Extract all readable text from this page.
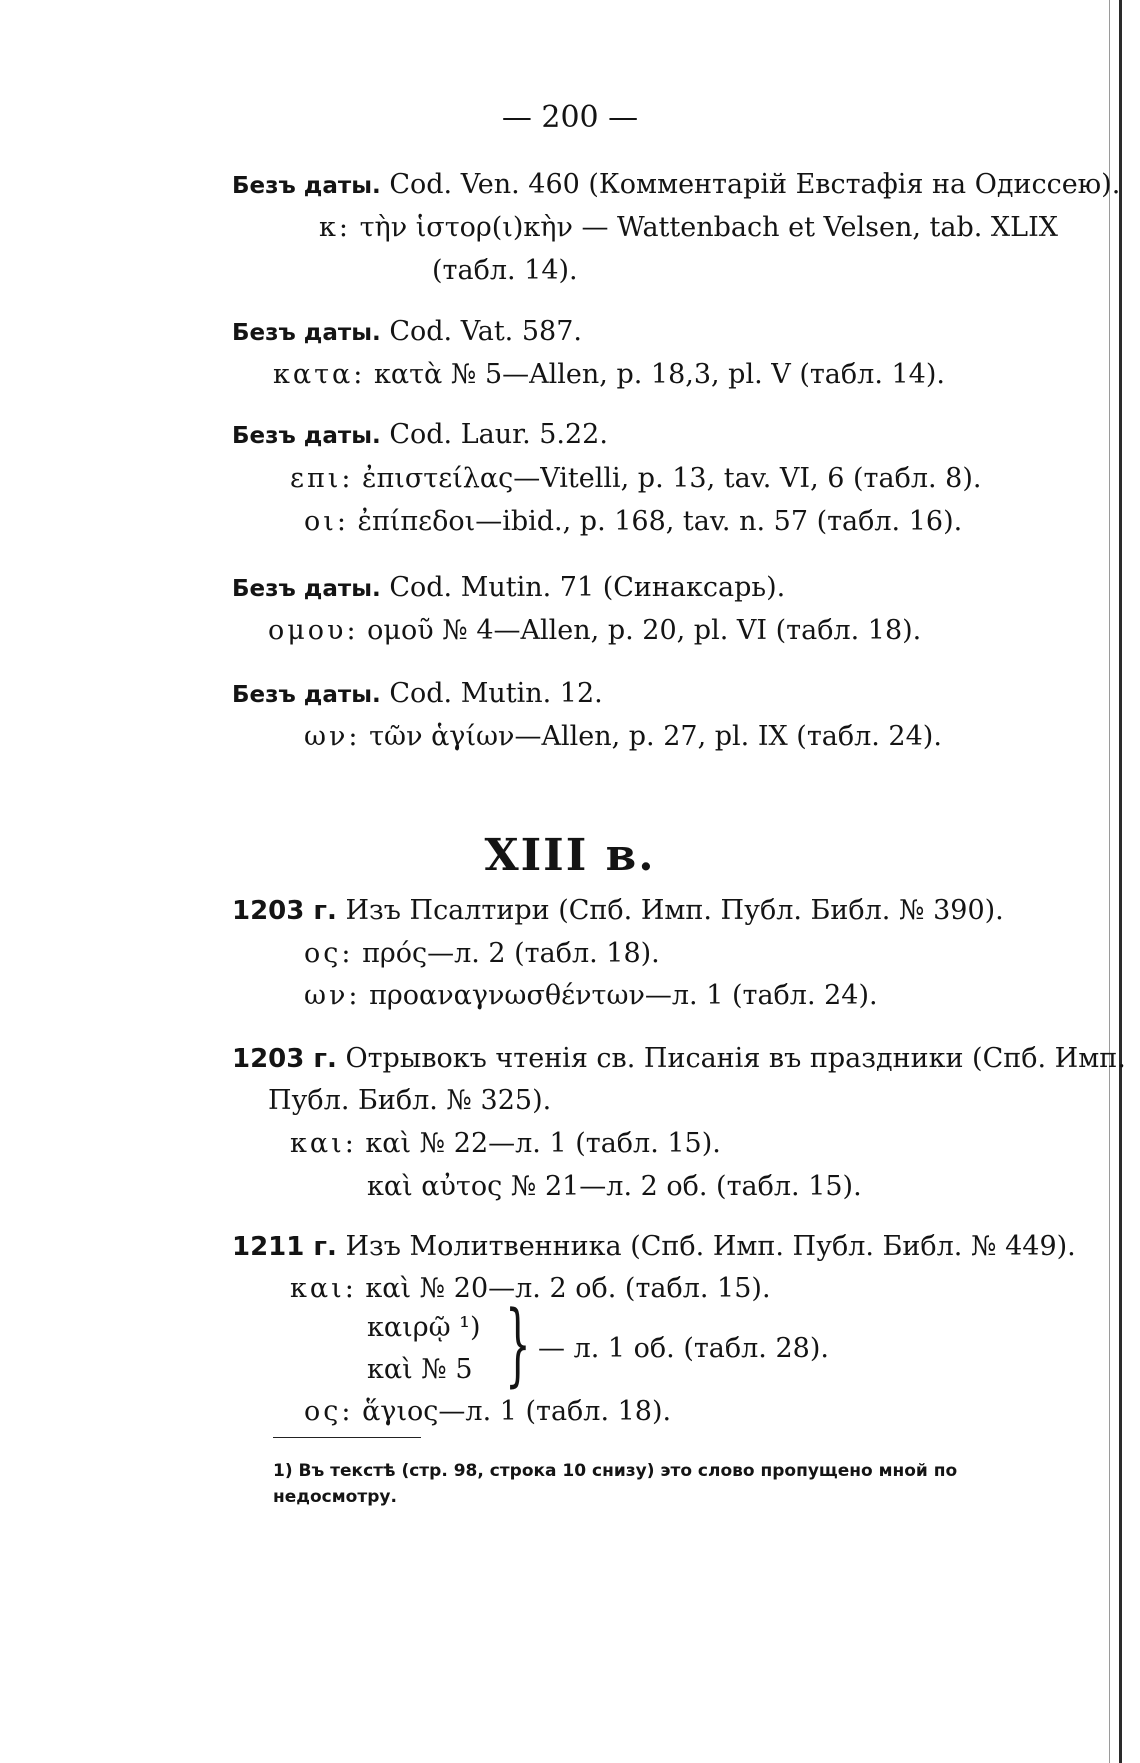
— 200 —
Безъ даты. Cod. Ven. 460 (Комментарій Евстафія на Одиссею).
κ: τὴν ἱστορ(ι)κὴν — Wattenbach et Velsen, tab. XLIX
(табл. 14).
Безъ даты. Cod. Vat. 587.
κατα: κατὰ № 5—Allen, p. 18,3, pl. V (табл. 14).
Безъ даты. Cod. Laur. 5.22.
επι: ἐπιστείλας—Vitelli, p. 13, tav. VI, 6 (табл. 8).
οι: ἐπίπεδοι—ibid., p. 168, tav. n. 57 (табл. 16).
Безъ даты. Cod. Mutin. 71 (Синаксарь).
ομου: ομοῦ № 4—Allen, p. 20, pl. VI (табл. 18).
Безъ даты. Cod. Mutin. 12.
ων: τῶν ἁγίων—Allen, p. 27, pl. IX (табл. 24).
XIII в.
1203 г. Изъ Псалтири (Спб. Имп. Публ. Библ. № 390).
ος: πρός—л. 2 (табл. 18).
ων: προαναγνωσθέντων—л. 1 (табл. 24).
1203 г. Отрывокъ чтенія св. Писанія въ праздники (Спб. Имп.
Публ. Библ. № 325).
και: καὶ № 22—л. 1 (табл. 15).
καὶ αὐτος № 21—л. 2 об. (табл. 15).
1211 г. Изъ Молитвенника (Спб. Имп. Публ. Библ. № 449).
και: καὶ № 20—л. 2 об. (табл. 15).
καιρῷ ¹)
καὶ № 5 } — л. 1 об. (табл. 28).
ος: ἅγιος—л. 1 (табл. 18).
1) Въ текстѣ (стр. 98, строка 10 снизу) это слово пропущено мной по
недосмотру.
